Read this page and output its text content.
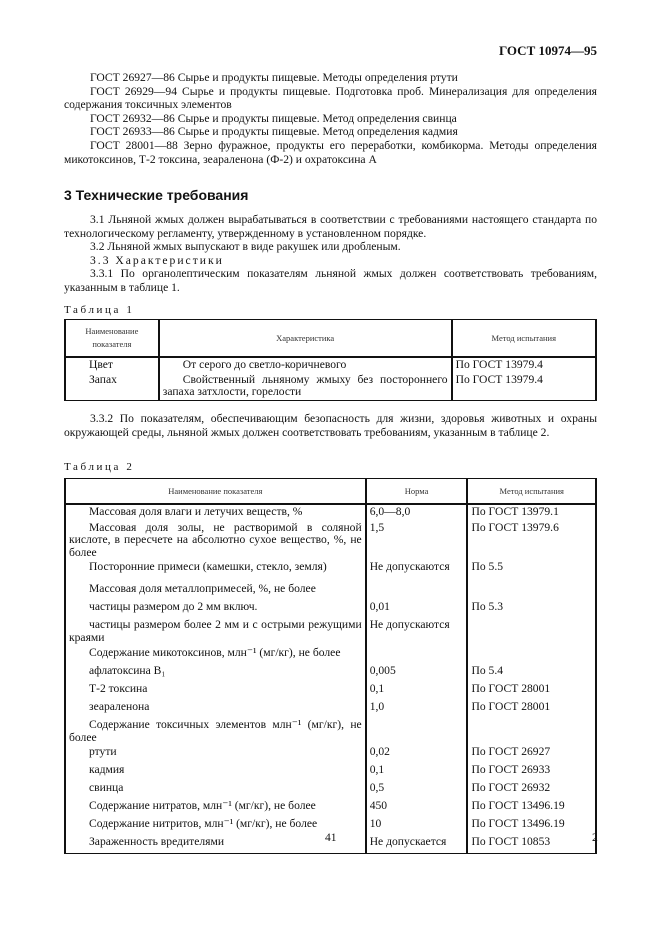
ГОСТ 10974—95
ГОСТ 26927—86 Сырье и продукты пищевые. Методы определения ртути
ГОСТ 26929—94 Сырье и продукты пищевые. Подготовка проб. Минерализация для определения содержания токсичных элементов
ГОСТ 26932—86 Сырье и продукты пищевые. Метод определения свинца
ГОСТ 26933—86 Сырье и продукты пищевые. Метод определения кадмия
ГОСТ 28001—88 Зерно фуражное, продукты его переработки, комбикорма. Методы определения микотоксинов, Т-2 токсина, зеараленона (Ф-2) и охратоксина А
3 Технические требования
3.1 Льняной жмых должен вырабатываться в соответствии с требованиями настоящего стандарта по технологическому регламенту, утвержденному в установленном порядке.
3.2 Льняной жмых выпускают в виде ракушек или дробленым.
3.3 Характеристики
3.3.1 По органолептическим показателям льняной жмых должен соответствовать требованиям, указанным в таблице 1.
Таблица 1
Наименование показателя	Характеристика	Метод испытания
Цвет	От серого до светло-коричневого	По ГОСТ 13979.4
Запах	Свойственный льняному жмыху без постороннего запаха затхлости, горелости	По ГОСТ 13979.4
3.3.2 По показателям, обеспечивающим безопасность для жизни, здоровья животных и охраны окружающей среды, льняной жмых должен соответствовать требованиям, указанным в таблице 2.
Таблица 2
Наименование показателя	Норма	Метод испытания
Массовая доля влаги и летучих веществ, %	6,0—8,0	По ГОСТ 13979.1
Массовая доля золы, не растворимой в соляной кислоте, в пересчете на абсолютно сухое вещество, %, не более	1,5	По ГОСТ 13979.6
Посторонние примеси (камешки, стекло, земля)	Не допускаются	По 5.5
Массовая доля металлопримесей, %, не более		
частицы размером до 2 мм включ.	0,01	По 5.3
частицы размером более 2 мм и с острыми режущими краями	Не допускаются	
Содержание микотоксинов, млн⁻¹ (мг/кг), не более		
афлатоксина В₁	0,005	По 5.4
Т-2 токсина	0,1	По ГОСТ 28001
зеараленона	1,0	По ГОСТ 28001
Содержание токсичных элементов млн⁻¹ (мг/кг), не более		
ртути	0,02	По ГОСТ 26927
кадмия	0,1	По ГОСТ 26933
свинца	0,5	По ГОСТ 26932
Содержание нитратов, млн⁻¹ (мг/кг), не более	450	По ГОСТ 13496.19
Содержание нитритов, млн⁻¹ (мг/кг), не более	10	По ГОСТ 13496.19
Зараженность вредителями	Не допускается	По ГОСТ 10853
41	2
